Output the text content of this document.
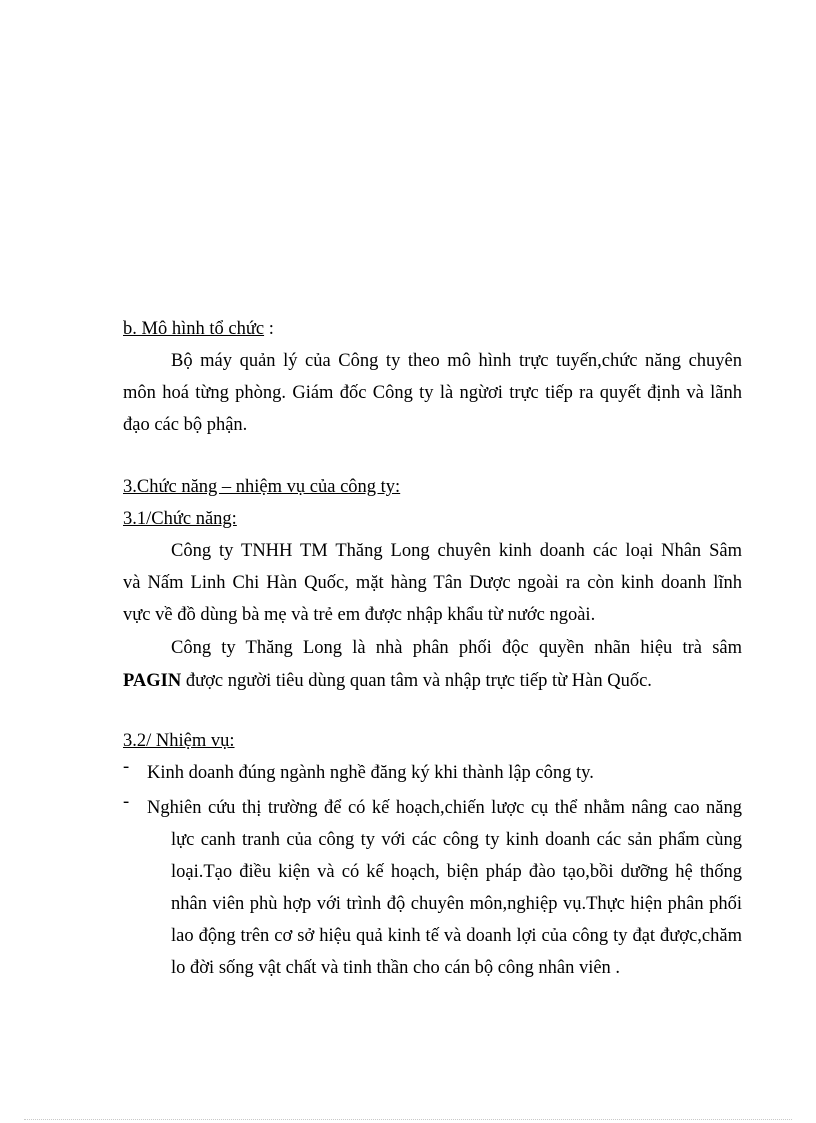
b. Mô hình tổ chức :
Bộ máy quản lý của Công ty theo mô hình trực tuyến,chức năng chuyên
môn hoá từng phòng. Giám đốc Công ty là ngừơi trực tiếp ra quyết định và lãnh
đạo các bộ phận.
3.Chức năng – nhiệm vụ của công ty:
3.1/Chức năng:
Công ty TNHH TM Thăng Long chuyên kinh doanh các loại Nhân Sâm
và Nấm Linh Chi Hàn Quốc, mặt hàng Tân Dược ngoài ra còn kinh doanh lĩnh
vực về đồ dùng bà mẹ và trẻ em được nhập khẩu từ nước ngoài.
Công ty Thăng Long là nhà phân phối độc quyền nhãn hiệu trà sâm
PAGIN được người tiêu dùng quan tâm và nhập trực tiếp từ Hàn Quốc.
3.2/ Nhiệm vụ:
- Kinh doanh đúng ngành nghề đăng ký khi thành lập công ty.
- Nghiên cứu thị trường để có kế hoạch,chiến lược cụ thể nhằm nâng cao năng
lực canh tranh của công ty với các công ty kinh doanh các sản phẩm cùng
loại.Tạo điều kiện và có kế hoạch, biện pháp đào tạo,bồi dưỡng hệ thống
nhân viên phù hợp với trình độ chuyên môn,nghiệp vụ.Thực hiện phân phối
lao động trên cơ sở hiệu quả kinh tế và doanh lợi của công ty đạt được,chăm
lo đời sống vật chất và tinh thần cho cán bộ công nhân viên .
